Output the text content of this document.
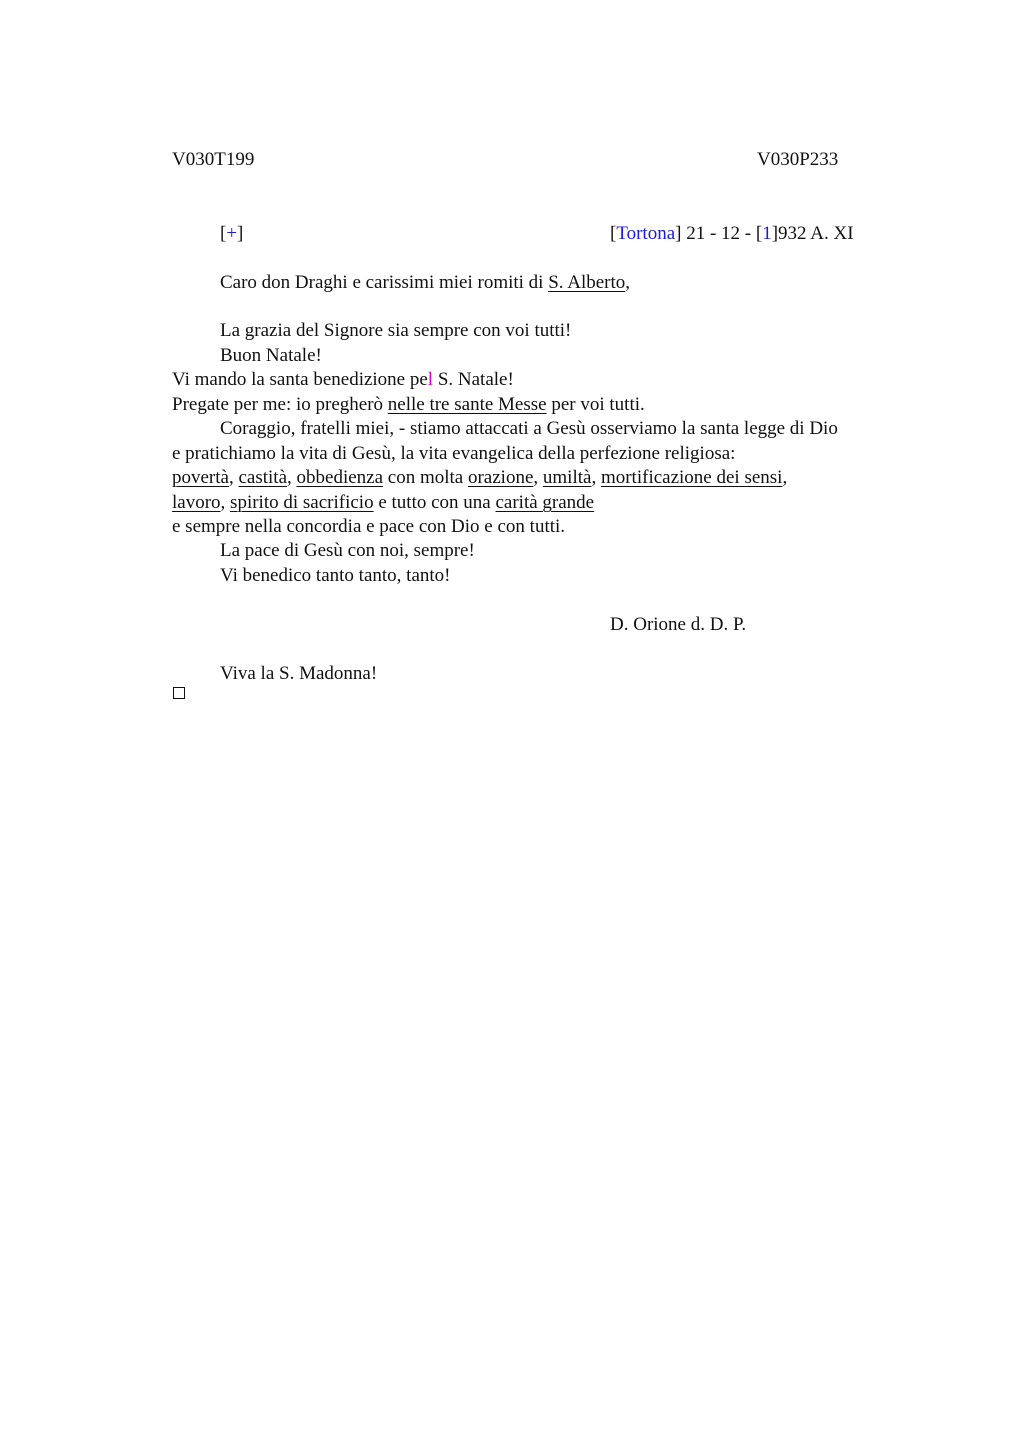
V030T199	V030P233
[+]	[Tortona] 21 - 12 - [1]932 A. XI
Caro don Draghi e carissimi miei romiti di S. Alberto,
La grazia del Signore sia sempre con voi tutti!
Buon Natale!
Vi mando la santa benedizione pel S. Natale!
Pregate per me: io pregherò nelle tre sante Messe per voi tutti.
Coraggio, fratelli miei, - stiamo attaccati a Gesù osserviamo la santa legge di Dio
e pratichiamo la vita di Gesù, la vita evangelica della perfezione religiosa:
povertà, castità, obbedienza con molta orazione, umiltà, mortificazione dei sensi,
lavoro, spirito di sacrificio e tutto con una carità grande
e sempre nella concordia e pace con Dio e con tutti.
La pace di Gesù con noi, sempre!
Vi benedico tanto tanto, tanto!
D. Orione d. D. P.
Viva la S. Madonna!
